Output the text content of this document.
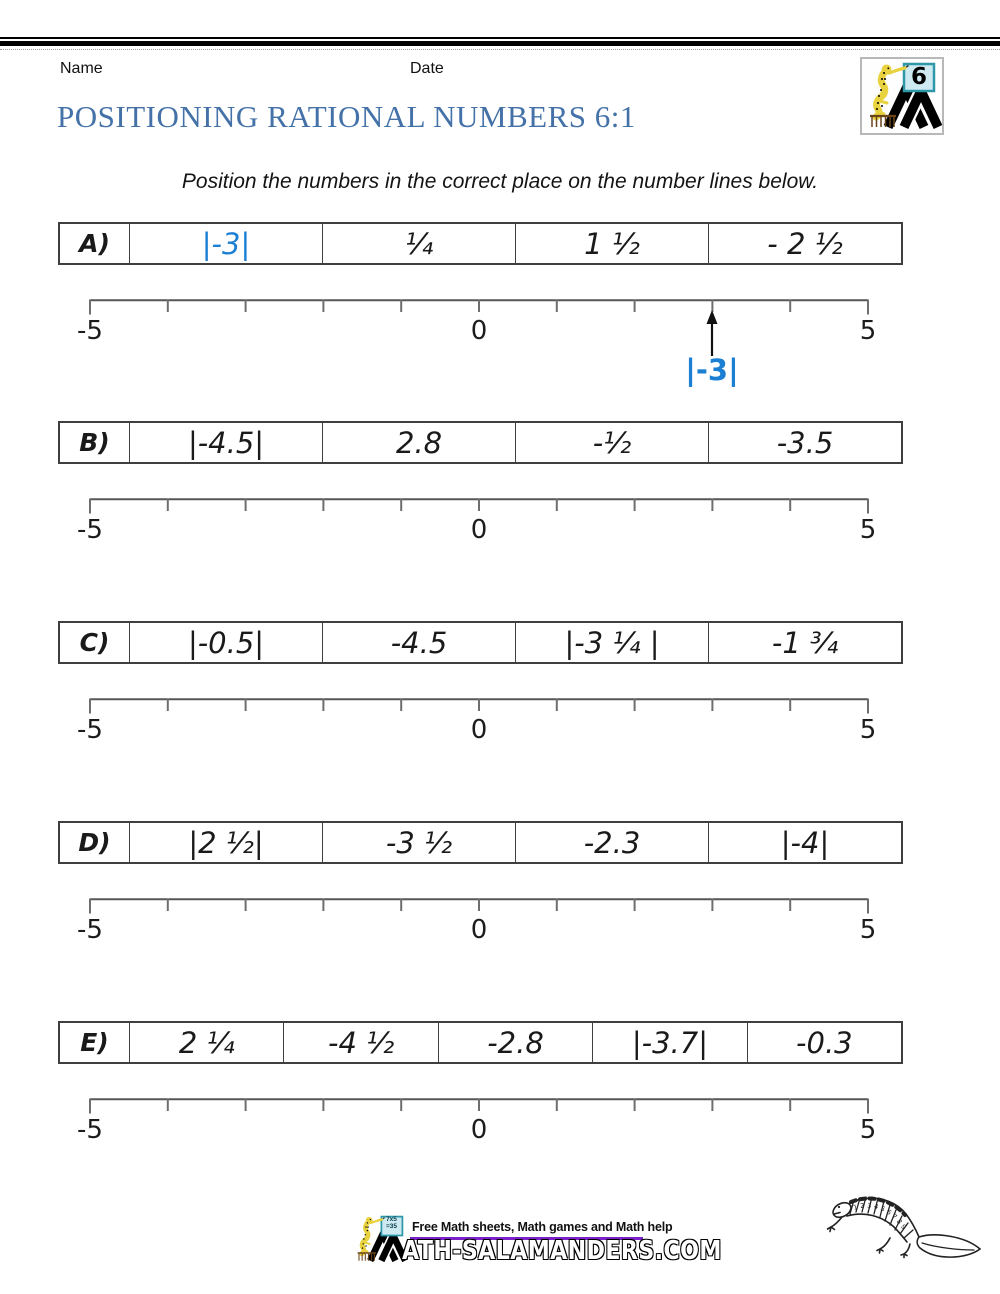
Name	Date	6
POSITIONING RATIONAL NUMBERS 6:1
Position the numbers in the correct place on the number lines below.
A)	|-3|	¼	1 ½	- 2 ½
-5	0	5
|-3|
B)	|-4.5|	2.8	-½	-3.5
-5	0	5
C)	|-0.5|	-4.5	|-3 ¼ |	-1 ¾
-5	0	5
D)	|2 ½|	-3 ½	-2.3	|-4|
-5	0	5
E)	2 ¼	-4 ½	-2.8	|-3.7|	-0.3
-5	0	5
7x5
=35	Free Math sheets, Math games and Math help
ATH-SALAMANDERS.COM
123456789
